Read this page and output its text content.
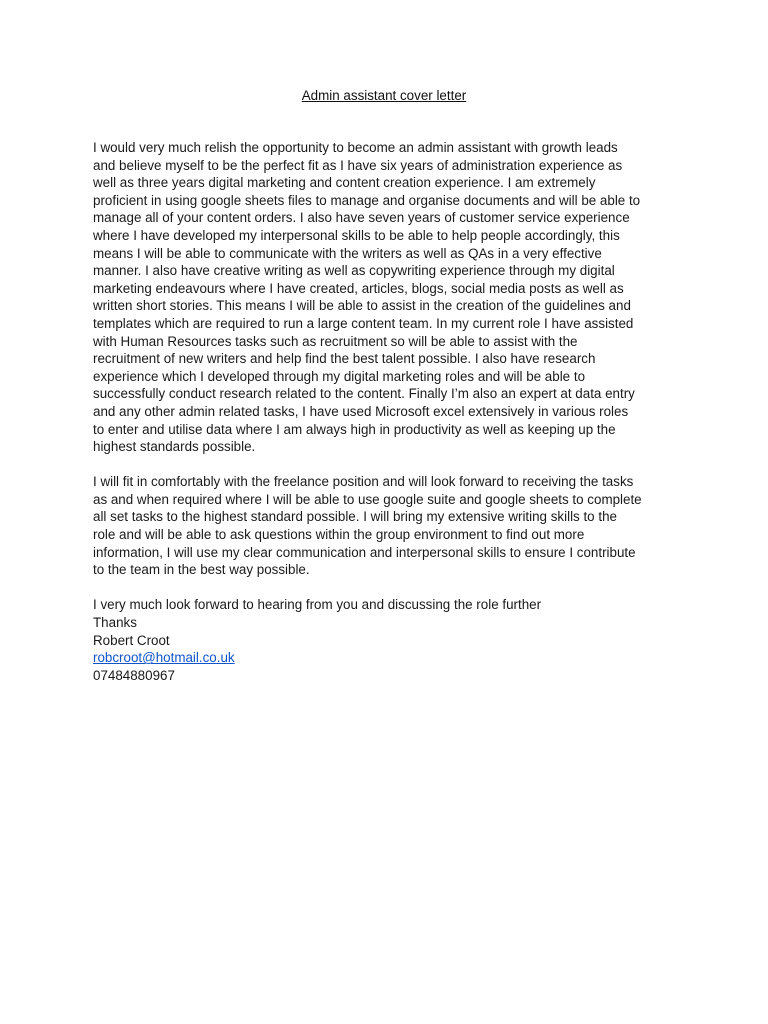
Admin assistant cover letter

I would very much relish the opportunity to become an admin assistant with growth leads
and believe myself to be the perfect fit as I have six years of administration experience as
well as three years digital marketing and content creation experience. I am extremely
proficient in using google sheets files to manage and organise documents and will be able to
manage all of your content orders. I also have seven years of customer service experience
where I have developed my interpersonal skills to be able to help people accordingly, this
means I will be able to communicate with the writers as well as QAs in a very effective
manner. I also have creative writing as well as copywriting experience through my digital
marketing endeavours where I have created, articles, blogs, social media posts as well as
written short stories. This means I will be able to assist in the creation of the guidelines and
templates which are required to run a large content team. In my current role I have assisted
with Human Resources tasks such as recruitment so will be able to assist with the
recruitment of new writers and help find the best talent possible. I also have research
experience which I developed through my digital marketing roles and will be able to
successfully conduct research related to the content. Finally I’m also an expert at data entry
and any other admin related tasks, I have used Microsoft excel extensively in various roles
to enter and utilise data where I am always high in productivity as well as keeping up the
highest standards possible.

I will fit in comfortably with the freelance position and will look forward to receiving the tasks
as and when required where I will be able to use google suite and google sheets to complete
all set tasks to the highest standard possible. I will bring my extensive writing skills to the
role and will be able to ask questions within the group environment to find out more
information, I will use my clear communication and interpersonal skills to ensure I contribute
to the team in the best way possible.

I very much look forward to hearing from you and discussing the role further
Thanks
Robert Croot
robcroot@hotmail.co.uk
07484880967
